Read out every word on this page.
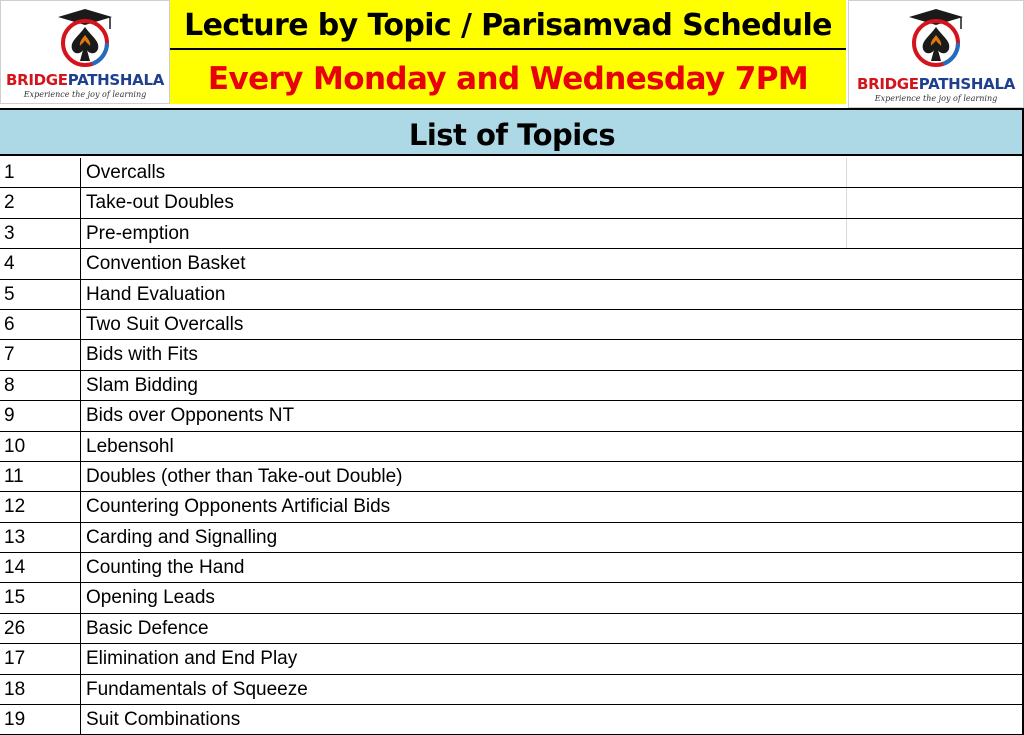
BRIDGEPATHSHALA
Experience the joy of learning
Lecture by Topic / Parisamvad Schedule
Every Monday and Wednesday 7PM	BRIDGEPATHSHALA
Experience the joy of learning
List of Topics
1	Overcalls
2	Take-out Doubles
3	Pre-emption
4	Convention Basket
5	Hand Evaluation
6	Two Suit Overcalls
7	Bids with Fits
8	Slam Bidding
9	Bids over Opponents NT
10	Lebensohl
11	Doubles (other than Take-out Double)
12	Countering Opponents Artificial Bids
13	Carding and Signalling
14	Counting the Hand
15	Opening Leads
26	Basic Defence
17	Elimination and End Play
18	Fundamentals of Squeeze
19	Suit Combinations
